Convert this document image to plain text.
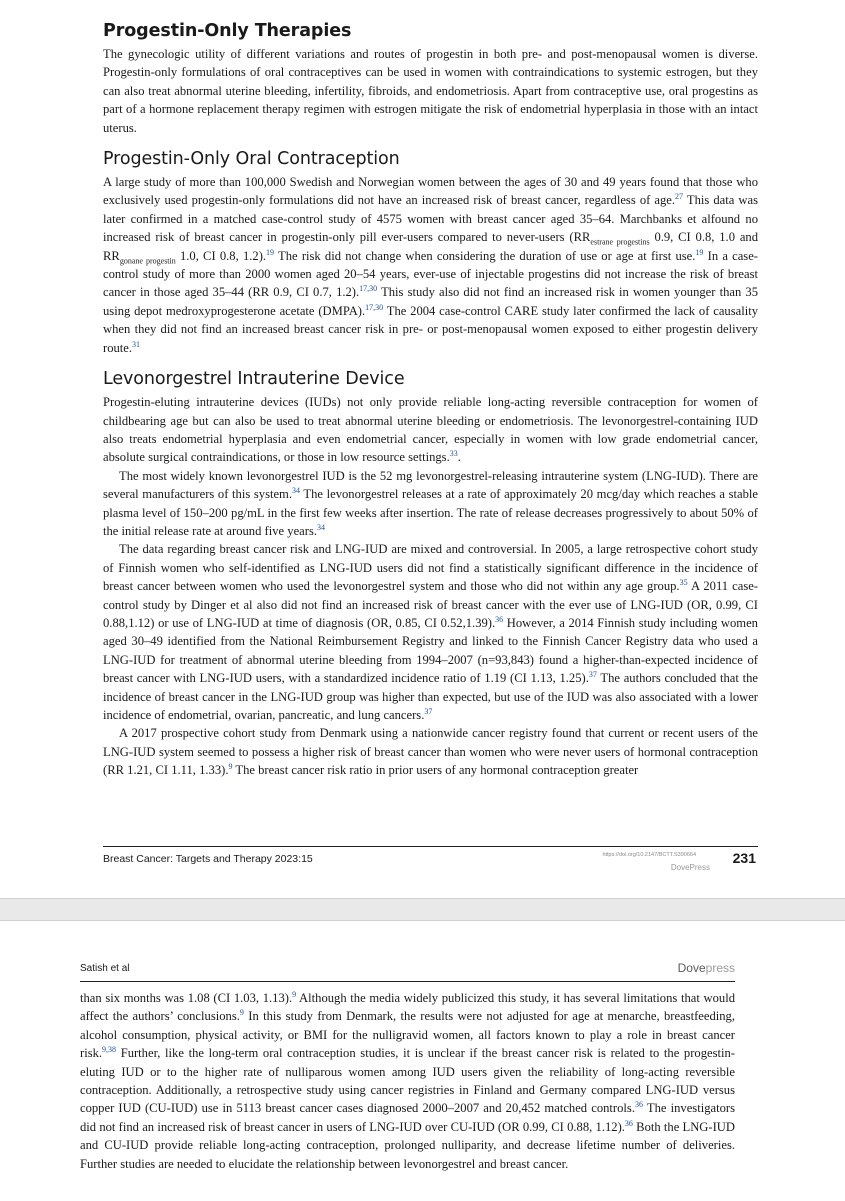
Progestin-Only Therapies

The gynecologic utility of different variations and routes of progestin in both pre- and post-menopausal women is diverse. Progestin-only formulations of oral contraceptives can be used in women with contraindications to systemic estrogen, but they can also treat abnormal uterine bleeding, infertility, fibroids, and endometriosis. Apart from contraceptive use, oral progestins as part of a hormone replacement therapy regimen with estrogen mitigate the risk of endometrial hyperplasia in those with an intact uterus.

Progestin-Only Oral Contraception

A large study of more than 100,000 Swedish and Norwegian women between the ages of 30 and 49 years found that those who exclusively used progestin-only formulations did not have an increased risk of breast cancer, regardless of age.$^{27}$ This data was later confirmed in a matched case-control study of 4575 women with breast cancer aged 35–64. Marchbanks et alfound no increased risk of breast cancer in progestin-only pill ever-users compared to never-users ($RR_{estrane progestins}$ 0.9, CI 0.8, 1.0 and $RR_{gonane progestin}$ 1.0, CI 0.8, 1.2).$^{19}$ The risk did not change when considering the duration of use or age at first use.$^{19}$ In a case-control study of more than 2000 women aged 20–54 years, ever-use of injectable progestins did not increase the risk of breast cancer in those aged 35–44 (RR 0.9, CI 0.7, 1.2).$^{17,30}$ This study also did not find an increased risk in women younger than 35 using depot medroxyprogesterone acetate (DMPA).$^{17,30}$ The 2004 case-control CARE study later confirmed the lack of causality when they did not find an increased breast cancer risk in pre- or post-menopausal women exposed to either progestin delivery route.$^{31}$

Levonorgestrel Intrauterine Device

Progestin-eluting intrauterine devices (IUDs) not only provide reliable long-acting reversible contraception for women of childbearing age but can also be used to treat abnormal uterine bleeding or endometriosis. The levonorgestrel-containing IUD also treats endometrial hyperplasia and even endometrial cancer, especially in women with low grade endometrial cancer, absolute surgical contraindications, or those in low resource settings.$^{33}$.

The most widely known levonorgestrel IUD is the 52 mg levonorgestrel-releasing intrauterine system (LNG-IUD). There are several manufacturers of this system.$^{34}$ The levonorgestrel releases at a rate of approximately 20 mcg/day which reaches a stable plasma level of 150–200 pg/mL in the first few weeks after insertion. The rate of release decreases progressively to about 50% of the initial release rate at around five years.$^{34}$

The data regarding breast cancer risk and LNG-IUD are mixed and controversial. In 2005, a large retrospective cohort study of Finnish women who self-identified as LNG-IUD users did not find a statistically significant difference in the incidence of breast cancer between women who used the levonorgestrel system and those who did not within any age group.$^{35}$ A 2011 case-control study by Dinger et al also did not find an increased risk of breast cancer with the ever use of LNG-IUD (OR, 0.99, CI 0.88,1.12) or use of LNG-IUD at time of diagnosis (OR, 0.85, CI 0.52,1.39).$^{36}$ However, a 2014 Finnish study including women aged 30–49 identified from the National Reimbursement Registry and linked to the Finnish Cancer Registry data who used a LNG-IUD for treatment of abnormal uterine bleeding from 1994–2007 (n=93,843) found a higher-than-expected incidence of breast cancer with LNG-IUD users, with a standardized incidence ratio of 1.19 (CI 1.13, 1.25).$^{37}$ The authors concluded that the incidence of breast cancer in the LNG-IUD group was higher than expected, but use of the IUD was also associated with a lower incidence of endometrial, ovarian, pancreatic, and lung cancers.$^{37}$

A 2017 prospective cohort study from Denmark using a nationwide cancer registry found that current or recent users of the LNG-IUD system seemed to possess a higher risk of breast cancer than women who were never users of hormonal contraception (RR 1.21, CI 1.11, 1.33).$^9$ The breast cancer risk ratio in prior users of any hormonal contraception greater

Breast Cancer: Targets and Therapy 2023:15	https://doi.org/10.2147/BCTT.S390664
DovePress
231
Satish et al	Dovepress

than six months was 1.08 (CI 1.03, 1.13).$^9$ Although the media widely publicized this study, it has several limitations that would affect the authors’ conclusions.$^9$ In this study from Denmark, the results were not adjusted for age at menarche, breastfeeding, alcohol consumption, physical activity, or BMI for the nulligravid women, all factors known to play a role in breast cancer risk.$^{9,38}$ Further, like the long-term oral contraception studies, it is unclear if the breast cancer risk is related to the progestin-eluting IUD or to the higher rate of nulliparous women among IUD users given the reliability of long-acting reversible contraception. Additionally, a retrospective study using cancer registries in Finland and Germany compared LNG-IUD versus copper IUD (CU-IUD) use in 5113 breast cancer cases diagnosed 2000–2007 and 20,452 matched controls.$^{36}$ The investigators did not find an increased risk of breast cancer in users of LNG-IUD over CU-IUD (OR 0.99, CI 0.88, 1.12).$^{36}$ Both the LNG-IUD and CU-IUD provide reliable long-acting contraception, prolonged nulliparity, and decrease lifetime number of deliveries. Further studies are needed to elucidate the relationship between levonorgestrel and breast cancer.
